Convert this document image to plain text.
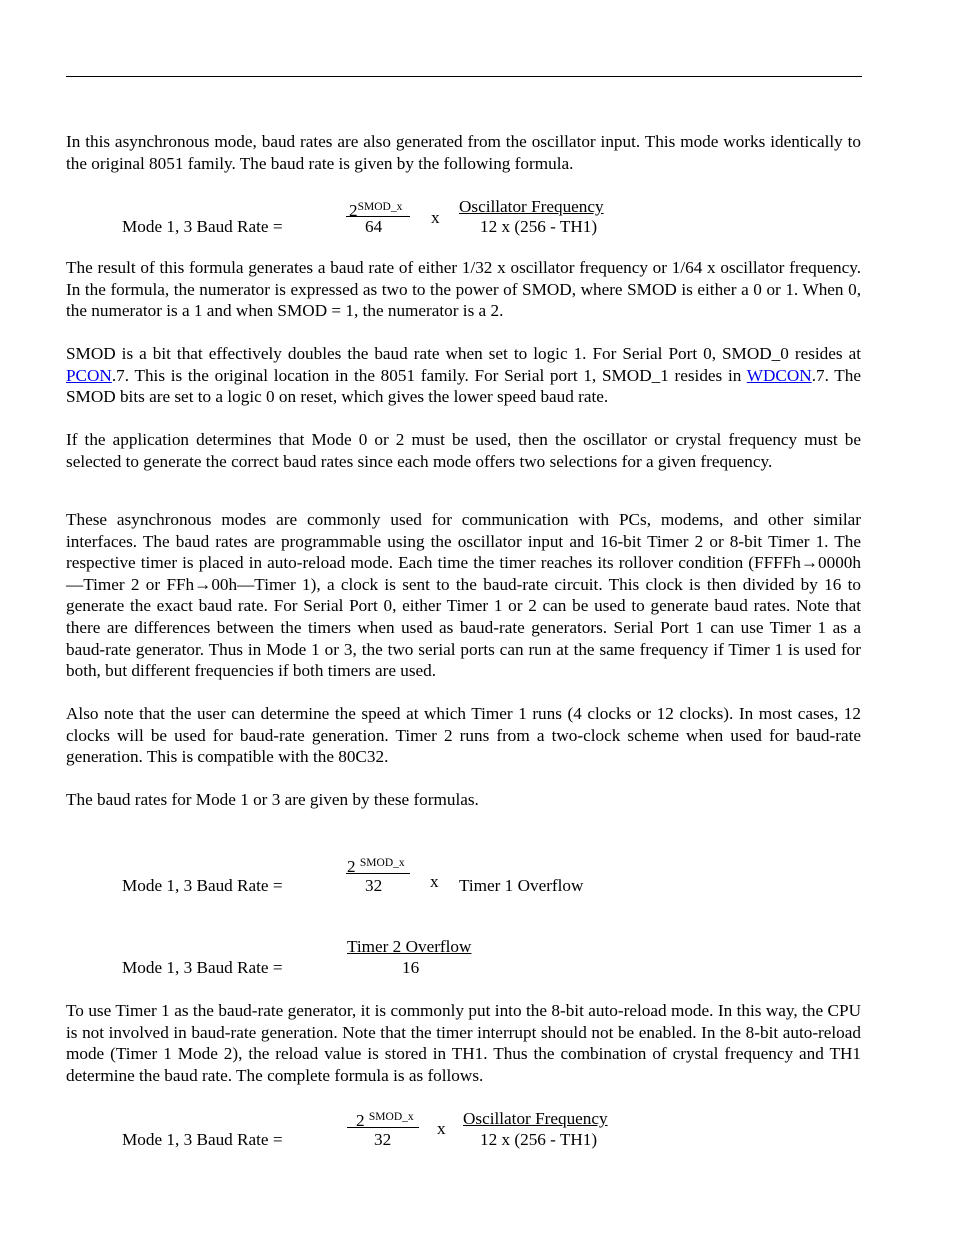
In this asynchronous mode, baud rates are also generated from the oscillator input. This mode works identically to the original 8051 family. The baud rate is given by the following formula.

$2^{SMOD\_x}$
64
Mode 1, 3 Baud Rate =	x
Oscillator Frequency
12 x (256 - TH1)

The result of this formula generates a baud rate of either 1/32 x oscillator frequency or 1/64 x oscillator frequency. In the formula, the numerator is expressed as two to the power of SMOD, where SMOD is either a 0 or 1. When 0, the numerator is a 1 and when SMOD = 1, the numerator is a 2.

SMOD is a bit that effectively doubles the baud rate when set to logic 1. For Serial Port 0, SMOD_0 resides at PCON.7. This is the original location in the 8051 family. For Serial port 1, SMOD_1 resides in WDCON.7. The SMOD bits are set to a logic 0 on reset, which gives the lower speed baud rate.

If the application determines that Mode 0 or 2 must be used, then the oscillator or crystal frequency must be selected to generate the correct baud rates since each mode offers two selections for a given frequency.

These asynchronous modes are commonly used for communication with PCs, modems, and other similar interfaces. The baud rates are programmable using the oscillator input and 16-bit Timer 2 or 8-bit Timer 1. The respective timer is placed in auto-reload mode. Each time the timer reaches its rollover condition (FFFFh→0000h—Timer 2 or FFh→00h—Timer 1), a clock is sent to the baud-rate circuit. This clock is then divided by 16 to generate the exact baud rate. For Serial Port 0, either Timer 1 or 2 can be used to generate baud rates. Note that there are differences between the timers when used as baud-rate generators. Serial Port 1 can use Timer 1 as a baud-rate generator. Thus in Mode 1 or 3, the two serial ports can run at the same frequency if Timer 1 is used for both, but different frequencies if both timers are used.

Also note that the user can determine the speed at which Timer 1 runs (4 clocks or 12 clocks). In most cases, 12 clocks will be used for baud-rate generation. Timer 2 runs from a two-clock scheme when used for baud-rate generation. This is compatible with the 80C32.

The baud rates for Mode 1 or 3 are given by these formulas.

2 $^{SMOD\_x}$
32
Mode 1, 3 Baud Rate =	x Timer 1 Overflow
Timer 2 Overflow
16
Mode 1, 3 Baud Rate =

To use Timer 1 as the baud-rate generator, it is commonly put into the 8-bit auto-reload mode. In this way, the CPU is not involved in baud-rate generation. Note that the timer interrupt should not be enabled. In the 8-bit auto-reload mode (Timer 1 Mode 2), the reload value is stored in TH1. Thus the combination of crystal frequency and TH1 determine the baud rate. The complete formula is as follows.

2 $^{SMOD\_x}$
32
Mode 1, 3 Baud Rate =
x
Oscillator Frequency
12 x (256 - TH1)
